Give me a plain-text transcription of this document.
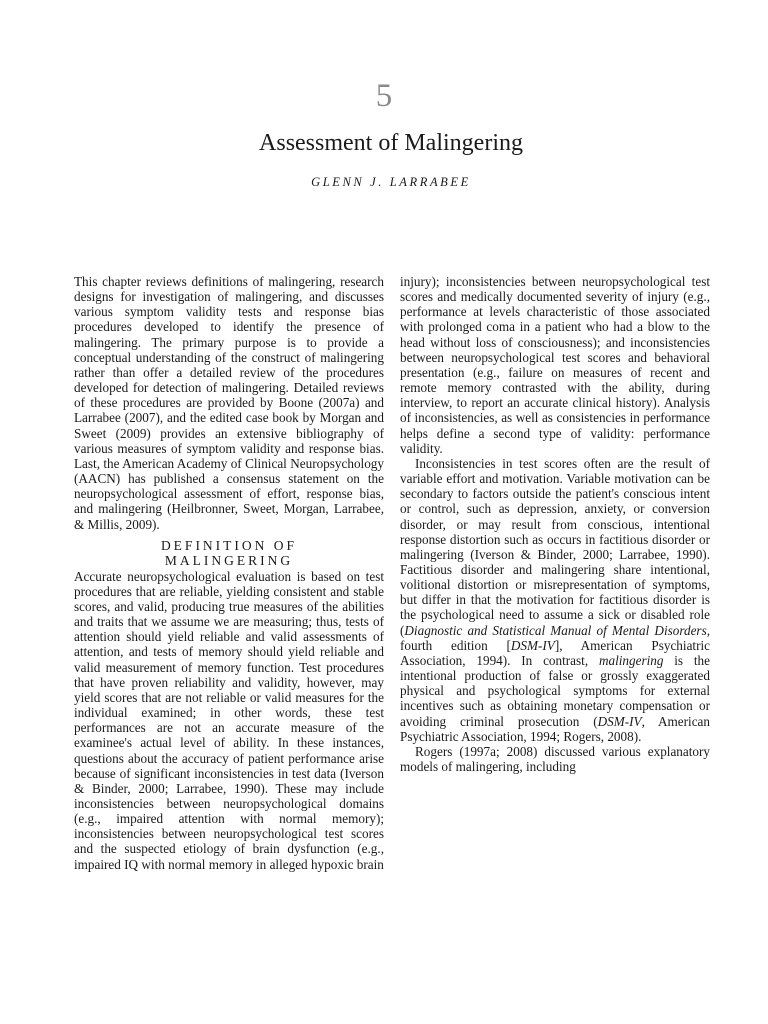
5
Assessment of Malingering
GLENN J. LARRABEE

This chapter reviews definitions of malingering, research designs for investigation of malingering, and discusses various symptom validity tests and response bias procedures developed to identify the presence of malingering. The primary purpose is to provide a conceptual understanding of the construct of malingering rather than offer a detailed review of the procedures developed for detection of malingering. Detailed reviews of these procedures are provided by Boone (2007a) and Larrabee (2007), and the edited case book by Morgan and Sweet (2009) provides an extensive bibliography of various measures of symptom validity and response bias. Last, the American Academy of Clinical Neuropsychology (AACN) has published a consensus statement on the neuropsychological assessment of effort, response bias, and malingering (Heilbronner, Sweet, Morgan, Larrabee, & Millis, 2009).

DEFINITION OF
MALINGERING

Accurate neuropsychological evaluation is based on test procedures that are reliable, yielding consistent and stable scores, and valid, producing true measures of the abilities and traits that we assume we are measuring; thus, tests of attention should yield reliable and valid assessments of attention, and tests of memory should yield reliable and valid measurement of memory function. Test procedures that have proven reliability and validity, however, may yield scores that are not reliable or valid measures for the individual examined; in other words, these test performances are not an accurate measure of the examinee's actual level of ability. In these instances, questions about the accuracy of patient performance arise because of significant inconsistencies in test data (Iverson & Binder, 2000; Larrabee, 1990). These may include inconsistencies between neuropsychological domains (e.g., impaired attention with normal memory); inconsistencies between neuropsychological test scores and the suspected etiology of brain dysfunction (e.g., impaired IQ with normal memory in alleged hypoxic brain

injury); inconsistencies between neuropsychological test scores and medically documented severity of injury (e.g., performance at levels characteristic of those associated with prolonged coma in a patient who had a blow to the head without loss of consciousness); and inconsistencies between neuropsychological test scores and behavioral presentation (e.g., failure on measures of recent and remote memory contrasted with the ability, during interview, to report an accurate clinical history). Analysis of inconsistencies, as well as consistencies in performance helps define a second type of validity: performance validity.

Inconsistencies in test scores often are the result of variable effort and motivation. Variable motivation can be secondary to factors outside the patient's conscious intent or control, such as depression, anxiety, or conversion disorder, or may result from conscious, intentional response distortion such as occurs in factitious disorder or malingering (Iverson & Binder, 2000; Larrabee, 1990). Factitious disorder and malingering share intentional, volitional distortion or misrepresentation of symptoms, but differ in that the motivation for factitious disorder is the psychological need to assume a sick or disabled role (Diagnostic and Statistical Manual of Mental Disorders, fourth edition [DSM-IV], American Psychiatric Association, 1994). In contrast, malingering is the intentional production of false or grossly exaggerated physical and psychological symptoms for external incentives such as obtaining monetary compensation or avoiding criminal prosecution (DSM-IV, American Psychiatric Association, 1994; Rogers, 2008).

Rogers (1997a; 2008) discussed various explanatory models of malingering, including
